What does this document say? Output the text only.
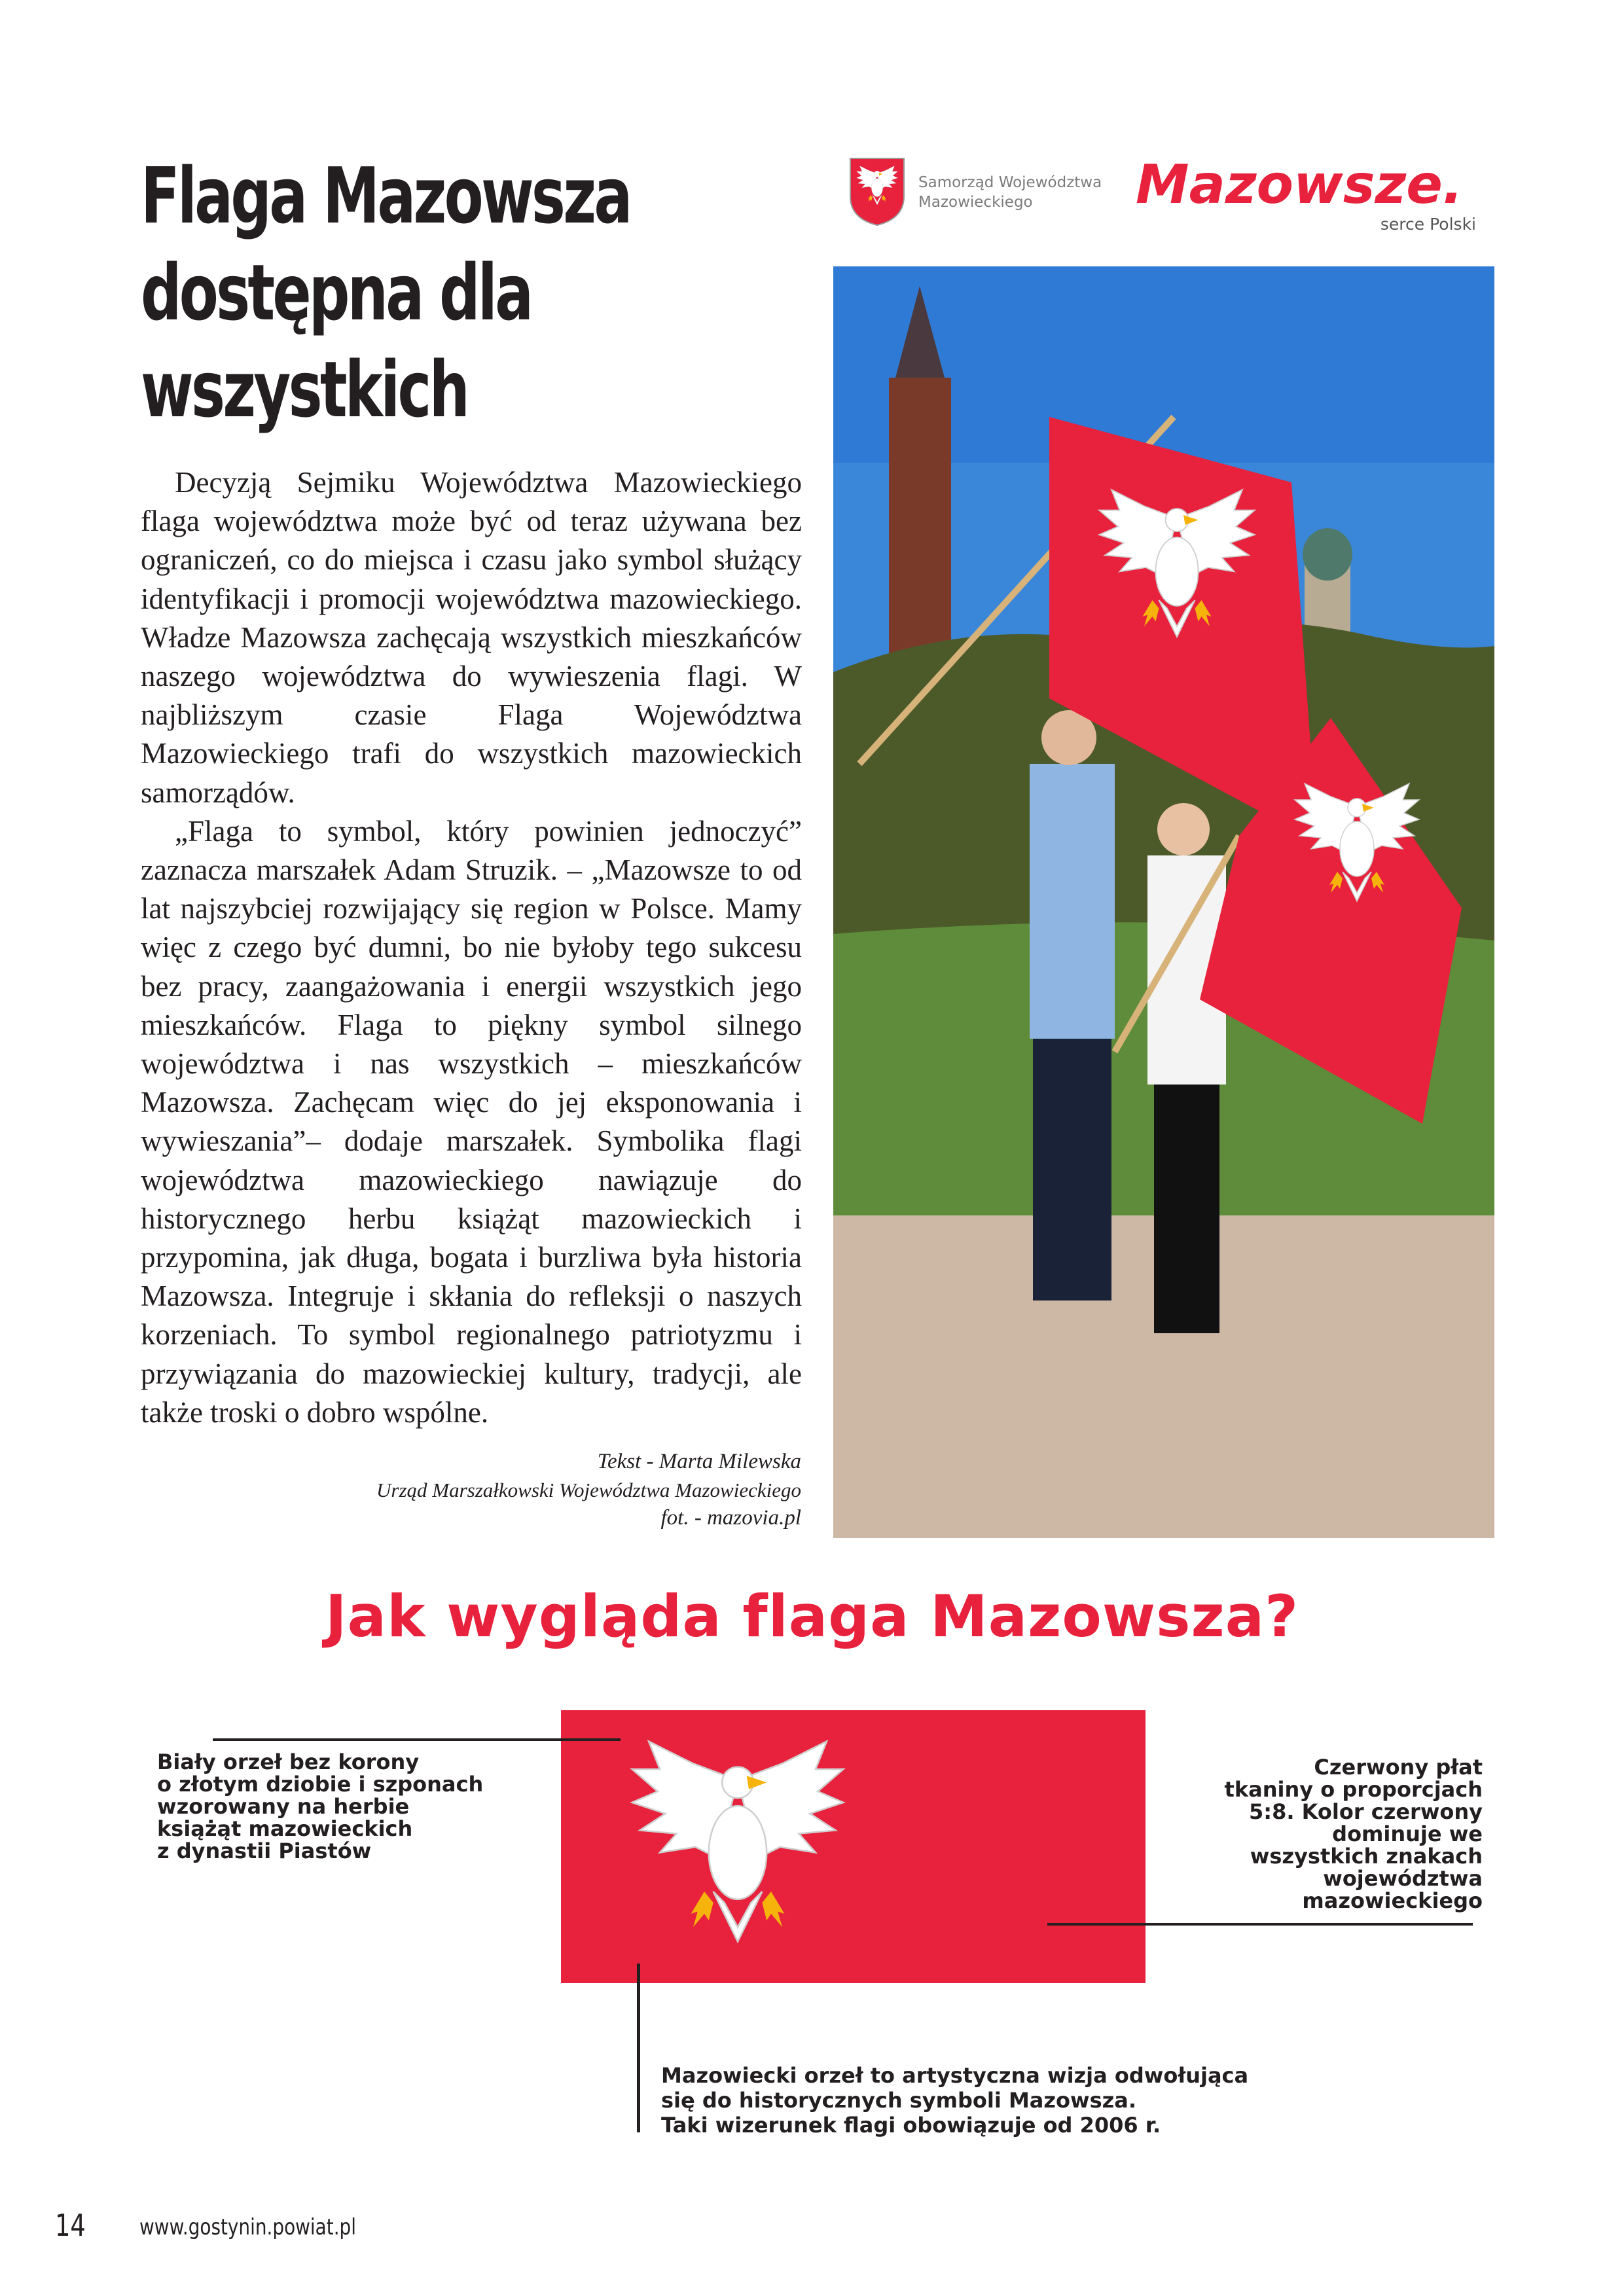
Flaga Mazowsza
dostępna dla
wszystkich

Decyzją Sejmiku Województwa Mazowieckiego flaga województwa może być od teraz używana bez ograniczeń, co do miejsca i czasu jako symbol służący identyfikacji i promocji województwa mazowieckiego. Władze Mazowsza zachęcają wszystkich mieszkańców naszego województwa do wywieszenia flagi. W najbliższym czasie Flaga Województwa Mazowieckiego trafi do wszystkich mazowieckich samorządów.

„Flaga to symbol, który powinien jednoczyć” zaznacza marszałek Adam Struzik. – „Mazowsze to od lat najszybciej rozwijający się region w Polsce. Mamy więc z czego być dumni, bo nie byłoby tego sukcesu bez pracy, zaangażowania i energii wszystkich jego mieszkańców. Flaga to piękny symbol silnego województwa i nas wszystkich – mieszkańców Mazowsza. Zachęcam więc do jej eksponowania i wywieszania”– dodaje marszałek. Symbolika flagi województwa mazowieckiego nawiązuje do historycznego herbu książąt mazowieckich i przypomina, jak długa, bogata i burzliwa była historia Mazowsza. Integruje i skłania do refleksji o naszych korzeniach. To symbol regionalnego patriotyzmu i przywiązania do mazowieckiej kultury, tradycji, ale także troski o dobro wspólne.

Tekst - Marta Milewska
Urząd Marszałkowski Województwa Mazowieckiego
fot. - mazovia.pl
Samorząd Województwa
Mazowieckiego	Mazowsze.
serce Polski
Jak wygląda flaga Mazowsza?
Biały orzeł bez korony
o złotym dziobie i szponach
wzorowany na herbie
książąt mazowieckich
z dynastii Piastów
Czerwony płat
tkaniny o proporcjach
5:8. Kolor czerwony
dominuje we
wszystkich znakach
województwa
mazowieckiego
Mazowiecki orzeł to artystyczna wizja odwołująca
się do historycznych symboli Mazowsza.
Taki wizerunek flagi obowiązuje od 2006 r.
14 www.gostynin.powiat.pl
